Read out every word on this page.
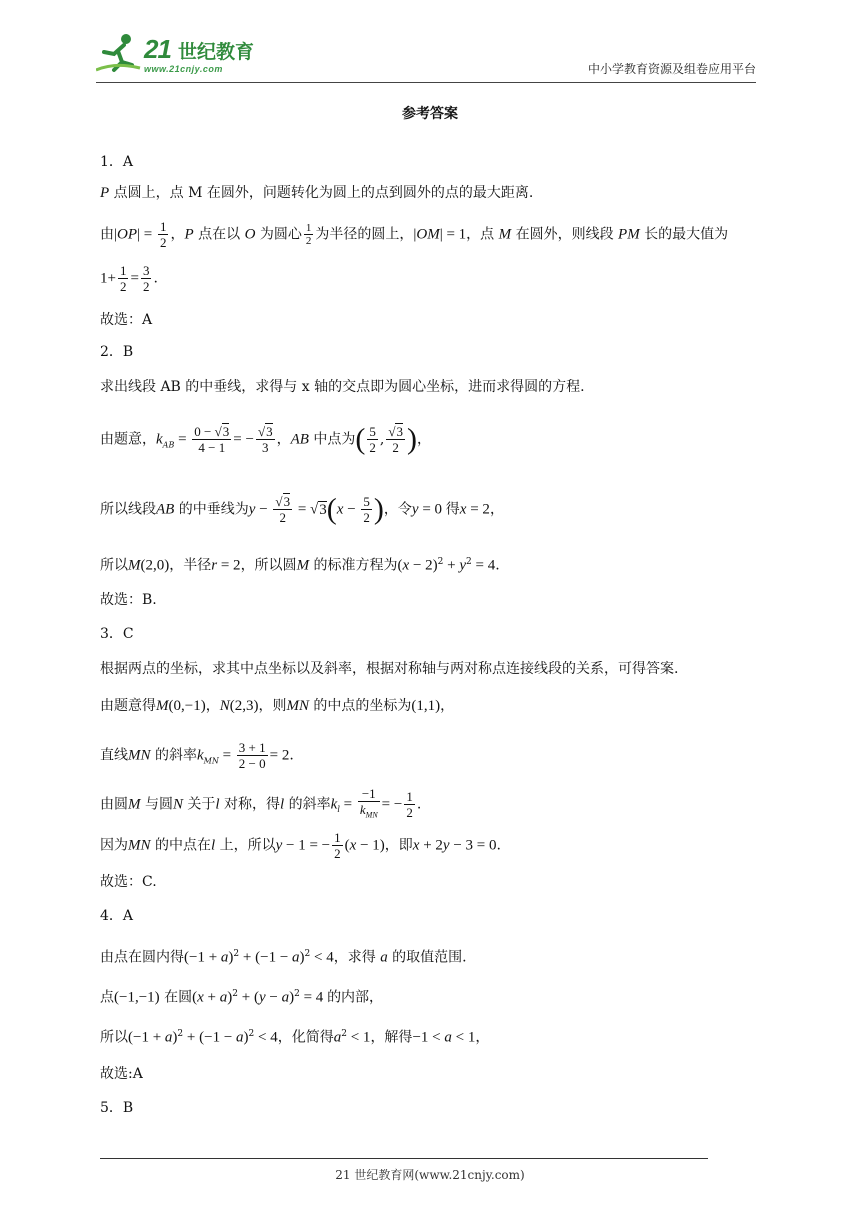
21 世纪教育
www.21cnjy.com	中小学教育资源及组卷应用平台
参考答案
1．A
P 点圆上，点 M 在圆外，问题转化为圆上的点到圆外的点的最大距离.
由$|OP| = \frac{1}{2}$ ，P 点在以 O 为圆心 $\frac{1}{2}$ 为半径的圆上，|OM| = 1，点 M 在圆外，则线段 PM 长的最大值为
$1+ \frac{1}{2} = \frac{3}{2}$ .
故选：A
2．B
求出线段 AB 的中垂线，求得与 x 轴的交点即为圆心坐标，进而求得圆的方程.
由题意，$k_{AB} = \frac{0 - √3}{4 - 1}$ = − $\frac{√3}{3}$ ，AB 中点为( $\frac{5}{2}$ , $\frac{√3}{2}$ )，
所以线段AB 的中垂线为$y - \frac{√3}{2} = √3(x - \frac{5}{2}$ )，令y = 0 得x = 2，
所以M(2,0)，半径r = 2，所以圆M 的标准方程为$(x - 2)^2 + y^2 = 4$.
故选：B.
3．C
根据两点的坐标，求其中点坐标以及斜率，根据对称轴与两对称点连接线段的关系，可得答案.
由题意得M(0,−1)，N(2,3)，则MN 的中点的坐标为(1,1)，
直线MN 的斜率$k_{MN} = \frac{3 + 1}{2 - 0} = 2$.
由圆M 与圆N 关于l 对称，得l 的斜率$k_l = \frac{-1}{k_{MN}}$ = − $\frac{1}{2}$ .
因为MN 的中点在l 上，所以y − 1 = − $\frac{1}{2} (x - 1)$，即x + 2y − 3 = 0.
故选：C.
4．A
由点在圆内得$(-1 + a)^2 + (-1 - a)^2 < 4$，求得 a 的取值范围.
点(−1,−1) 在圆$(x + a)^2 + (y - a)^2 = 4$ 的内部，
所以$(-1 + a)^2 + (-1 - a)^2 < 4$，化简得$a^2 < 1$，解得−1 < a < 1，
故选:A
5．B
21 世纪教育网(www.21cnjy.com)
